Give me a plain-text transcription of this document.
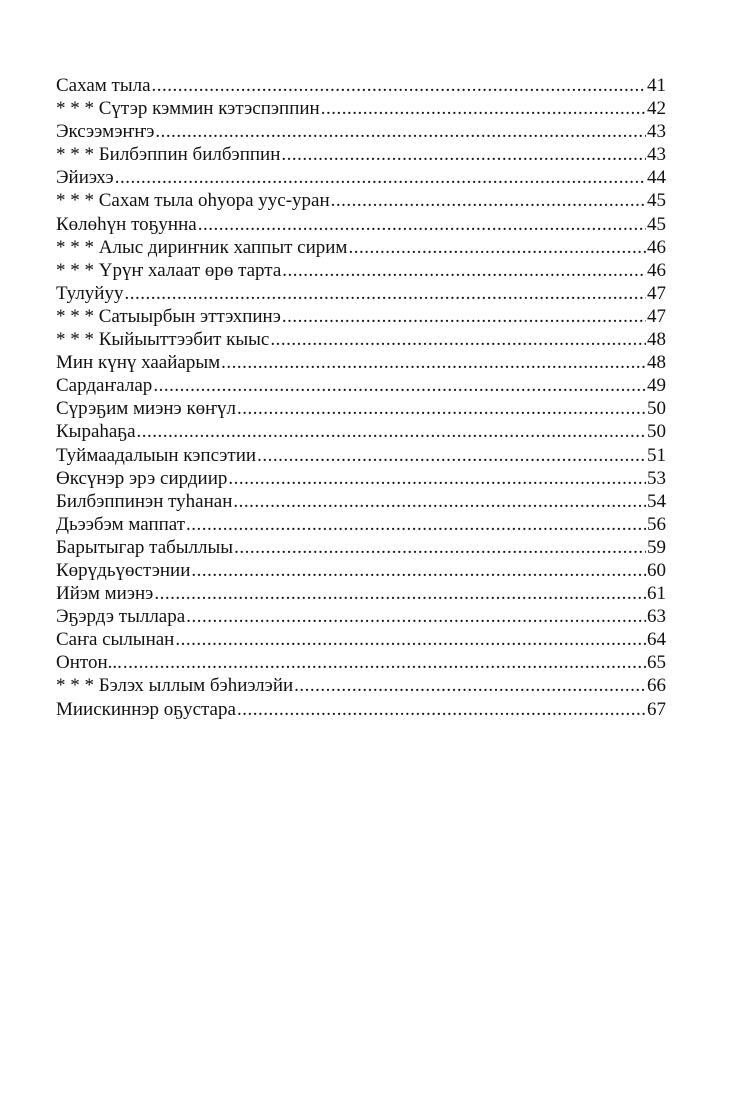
Сахам тыла .....	41
* * * Сүтэр кэммин кэтэспэппин .....	42
Эксээмэҥҥэ .....	43
* * * Билбэппин билбэппин .....	43
Эйиэхэ .....	44
* * * Сахам тыла оһуора уус-уран .....	45
Көлөһүн тоҕунна .....	45
* * * Алыс дириҥник хаппыт сирим .....	46
* * * Үрүҥ халаат өрө тарта .....	46
Тулуйуу .....	47
* * * Сатыырбын эттэхпинэ .....	47
* * * Кыйыыттээбит кыыс .....	48
Мин күнү хаайарым .....	48
Сардаҥалар .....	49
Сүрэҕим миэнэ көҥүл .....	50
Кыраһаҕа .....	50
Туймаадалыын кэпсэтии .....	51
Өксүнэр эрэ сирдиир .....	53
Билбэппинэн туһанан .....	54
Дьээбэм маппат .....	56
Барытыгар табыллыы .....	59
Көрүдьүөстэнии .....	60
Ийэм миэнэ .....	61
Эҕэрдэ тыллара .....	63
Саҥа сылынан .....	64
Онтон... .....	65
* * * Бэлэх ыллым бэһиэлэйи .....	66
Миискиннэр оҕустара .....	67
